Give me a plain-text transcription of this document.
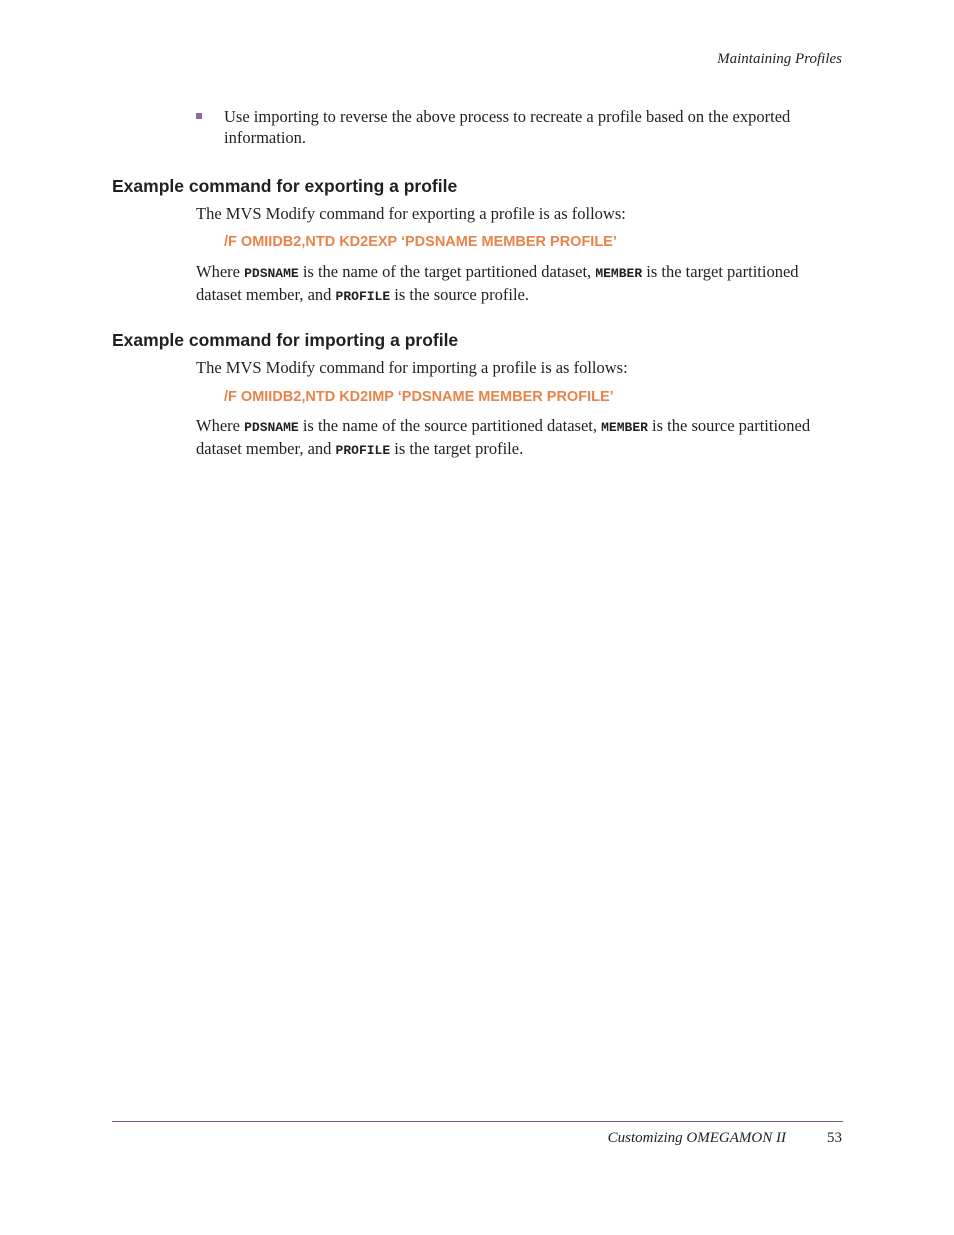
Maintaining Profiles
Use importing to reverse the above process to recreate a profile based on the exported information.
Example command for exporting a profile
The MVS Modify command for exporting a profile is as follows:
/F OMIIDB2,NTD KD2EXP ‘PDSNAME MEMBER PROFILE’
Where PDSNAME is the name of the target partitioned dataset, MEMBER is the target partitioned dataset member, and PROFILE is the source profile.
Example command for importing a profile
The MVS Modify command for importing a profile is as follows:
/F OMIIDB2,NTD KD2IMP ‘PDSNAME MEMBER PROFILE’
Where PDSNAME is the name of the source partitioned dataset, MEMBER is the source partitioned dataset member, and PROFILE is the target profile.
Customizing OMEGAMON II	53
